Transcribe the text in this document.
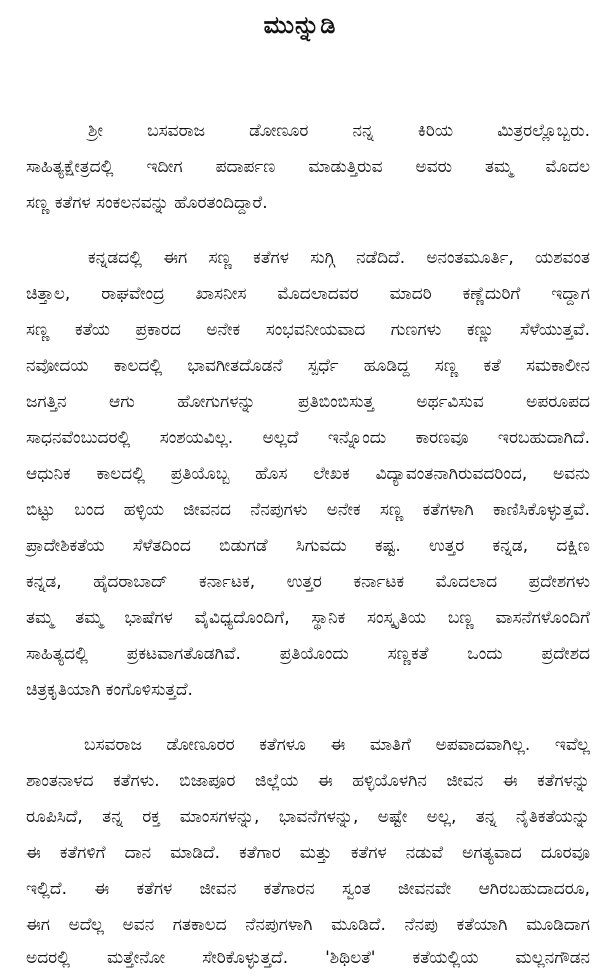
ಮುನ್ನುಡಿ
ಶ್ರೀ ಬಸವರಾಜ ಡೋಣೂರ ನನ್ನ ಕಿರಿಯ ಮಿತ್ರರಲ್ಲೊಬ್ಬರು.
ಸಾಹಿತ್ಯಕ್ಷೇತ್ರದಲ್ಲಿ ಇದೀಗ ಪದಾರ್ಪಣ ಮಾಡುತ್ತಿರುವ ಅವರು ತಮ್ಮ ಮೊದಲ
ಸಣ್ಣ ಕತೆಗಳ ಸಂಕಲನವನ್ನು ಹೊರತಂದಿದ್ದಾರೆ.
ಕನ್ನಡದಲ್ಲಿ ಈಗ ಸಣ್ಣ ಕತೆಗಳ ಸುಗ್ಗಿ ನಡೆದಿದೆ. ಅನಂತಮೂರ್ತಿ, ಯಶವಂತ
ಚಿತ್ತಾಲ, ರಾಘವೇಂದ್ರ ಖಾಸನೀಸ ಮೊದಲಾದವರ ಮಾದರಿ ಕಣ್ಣೆದುರಿಗೆ ಇದ್ದಾಗ
ಸಣ್ಣ ಕತೆಯ ಪ್ರಕಾರದ ಅನೇಕ ಸಂಭವನೀಯವಾದ ಗುಣಗಳು ಕಣ್ಣು ಸೆಳೆಯುತ್ತವೆ.
ನವೋದಯ ಕಾಲದಲ್ಲಿ ಭಾವಗೀತದೊಡನೆ ಸ್ಪರ್ಧೆ ಹೂಡಿದ್ದ ಸಣ್ಣ ಕತೆ ಸಮಕಾಲೀನ
ಜಗತ್ತಿನ ಆಗು ಹೋಗುಗಳನ್ನು ಪ್ರತಿಬಿಂಬಿಸುತ್ತ ಅರ್ಥವಿಸುವ ಅಪರೂಪದ
ಸಾಧನವೆಂಬುದರಲ್ಲಿ ಸಂಶಯವಿಲ್ಲ. ಅಲ್ಲದೆ ಇನ್ನೊಂದು ಕಾರಣವೂ ಇರಬಹುದಾಗಿದೆ.
ಆಧುನಿಕ ಕಾಲದಲ್ಲಿ ಪ್ರತಿಯೊಬ್ಬ ಹೊಸ ಲೇಖಕ ವಿದ್ಯಾವಂತನಾಗಿರುವದರಿಂದ, ಅವನು
ಬಿಟ್ಟು ಬಂದ ಹಳ್ಳಿಯ ಜೀವನದ ನೆನಪುಗಳು ಅನೇಕ ಸಣ್ಣ ಕತೆಗಳಾಗಿ ಕಾಣಿಸಿಕೊಳ್ಳುತ್ತವೆ.
ಪ್ರಾದೇಶಿಕತೆಯ ಸೆಳೆತದಿಂದ ಬಿಡುಗಡೆ ಸಿಗುವದು ಕಷ್ಟ. ಉತ್ತರ ಕನ್ನಡ, ದಕ್ಷಿಣ
ಕನ್ನಡ, ಹೈದರಾಬಾದ್ ಕರ್ನಾಟಕ, ಉತ್ತರ ಕರ್ನಾಟಕ ಮೊದಲಾದ ಪ್ರದೇಶಗಳು
ತಮ್ಮ ತಮ್ಮ ಭಾಷೆಗಳ ವೈವಿಧ್ಯದೊಂದಿಗೆ, ಸ್ಥಾನಿಕ ಸಂಸ್ಕೃತಿಯ ಬಣ್ಣ ವಾಸನೆಗಳೊಂದಿಗೆ
ಸಾಹಿತ್ಯದಲ್ಲಿ ಪ್ರಕಟವಾಗತೊಡಗಿವೆ. ಪ್ರತಿಯೊಂದು ಸಣ್ಣಕತೆ ಒಂದು ಪ್ರದೇಶದ
ಚಿತ್ರಕೃತಿಯಾಗಿ ಕಂಗೊಳಿಸುತ್ತದೆ.
ಬಸವರಾಜ ಡೋಣೂರರ ಕತೆಗಳೂ ಈ ಮಾತಿಗೆ ಅಪವಾದವಾಗಿಲ್ಲ. ಇವೆಲ್ಲ
ಶಾಂತನಾಳದ ಕತೆಗಳು. ಬಿಜಾಪೂರ ಜಿಲ್ಲೆಯ ಈ ಹಳ್ಳಿಯೊಳಗಿನ ಜೀವನ ಈ ಕತೆಗಳನ್ನು
ರೂಪಿಸಿದೆ, ತನ್ನ ರಕ್ತ ಮಾಂಸಗಳನ್ನು, ಭಾವನೆಗಳನ್ನು, ಅಷ್ಟೇ ಅಲ್ಲ, ತನ್ನ ನೈತಿಕತೆಯನ್ನು
ಈ ಕತೆಗಳಿಗೆ ದಾನ ಮಾಡಿದೆ. ಕತೆಗಾರ ಮತ್ತು ಕತೆಗಳ ನಡುವೆ ಅಗತ್ಯವಾದ ದೂರವೂ
ಇಲ್ಲಿದೆ. ಈ ಕತೆಗಳ ಜೀವನ ಕತೆಗಾರನ ಸ್ವಂತ ಜೀವನವೇ ಆಗಿರಬಹುದಾದರೂ,
ಈಗ ಅದೆಲ್ಲ ಅವನ ಗತಕಾಲದ ನೆನಪುಗಳಾಗಿ ಮೂಡಿದೆ. ನೆನಪು ಕತೆಯಾಗಿ ಮೂಡಿದಾಗ
ಅದರಲ್ಲಿ ಮತ್ತೇನೋ ಸೇರಿಕೊಳ್ಳುತ್ತದೆ. 'ಶಿಥಿಲತೆ' ಕತೆಯಲ್ಲಿಯ ಮಲ್ಲನಗೌಡನ
